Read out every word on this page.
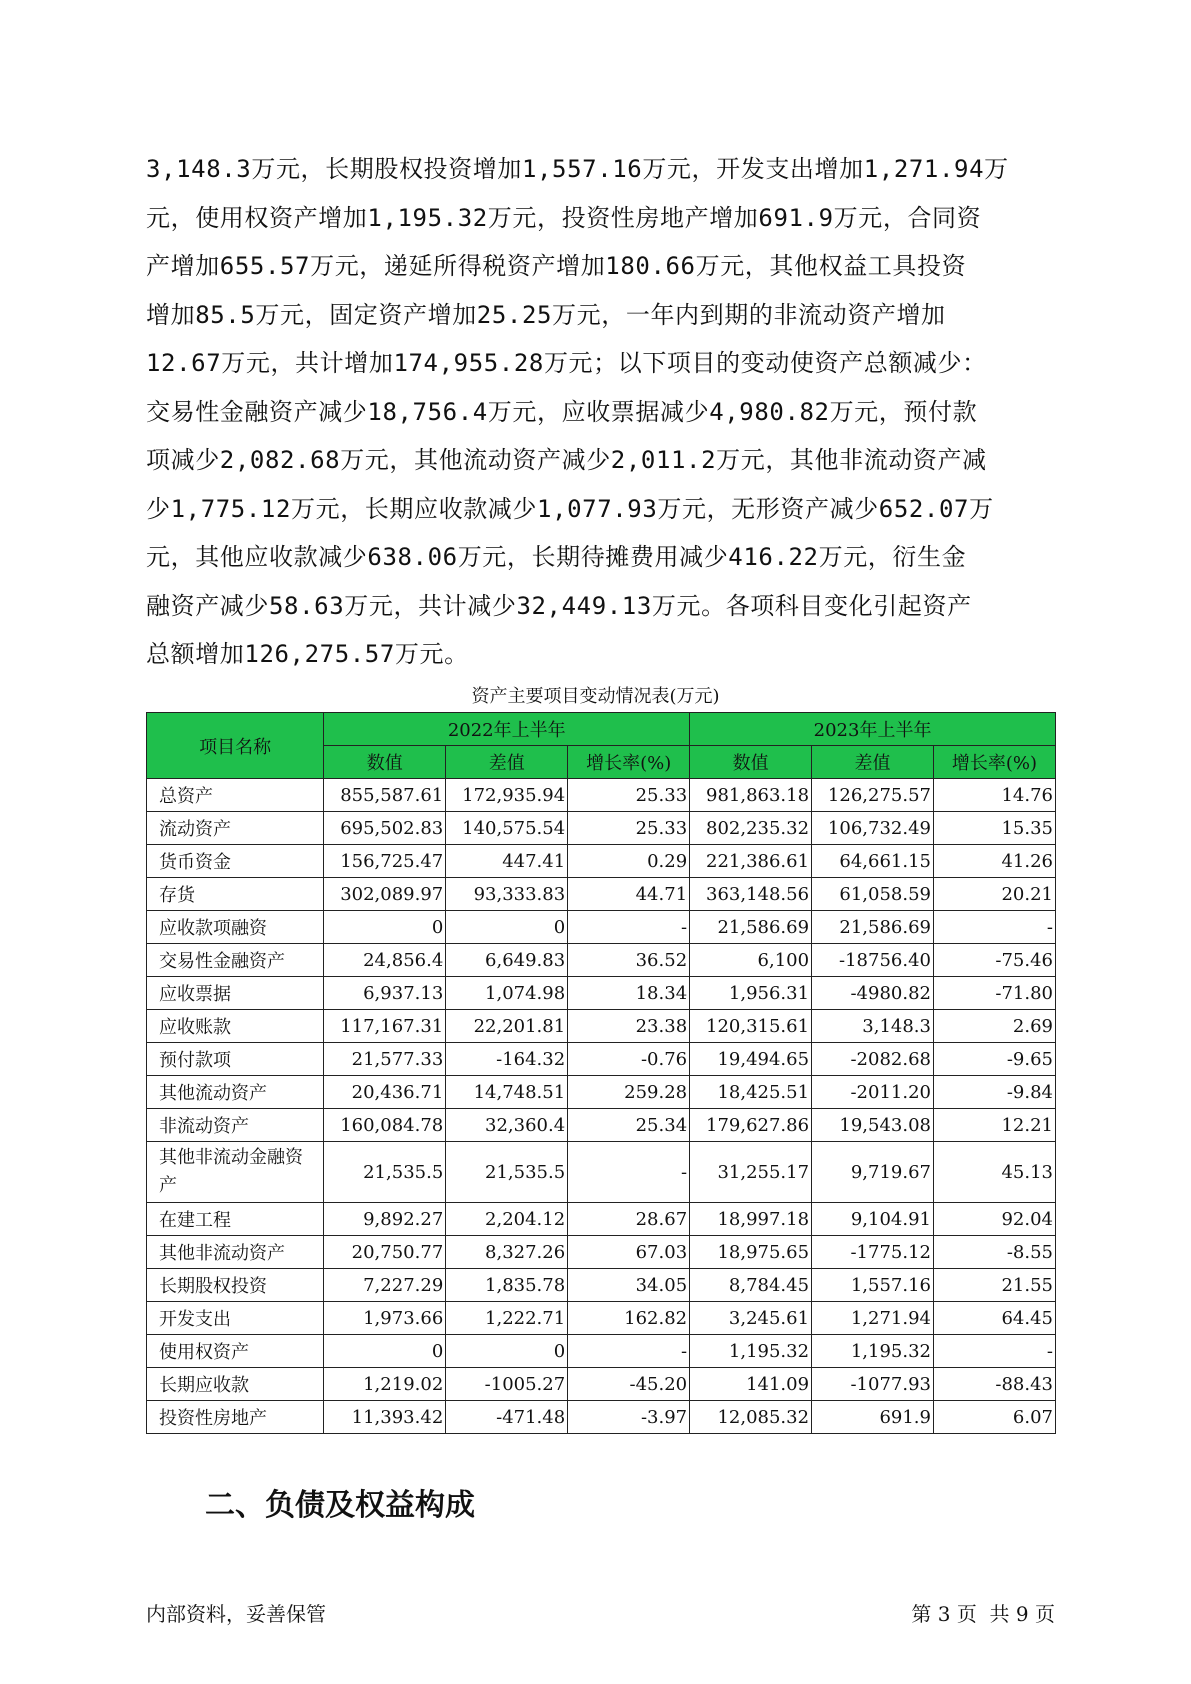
3,148.3万元，长期股权投资增加1,557.16万元，开发支出增加1,271.94万
元，使用权资产增加1,195.32万元，投资性房地产增加691.9万元，合同资
产增加655.57万元，递延所得税资产增加180.66万元，其他权益工具投资
增加85.5万元，固定资产增加25.25万元，一年内到期的非流动资产增加
12.67万元，共计增加174,955.28万元；以下项目的变动使资产总额减少：
交易性金融资产减少18,756.4万元，应收票据减少4,980.82万元，预付款
项减少2,082.68万元，其他流动资产减少2,011.2万元，其他非流动资产减
少1,775.12万元，长期应收款减少1,077.93万元，无形资产减少652.07万
元，其他应收款减少638.06万元，长期待摊费用减少416.22万元，衍生金
融资产减少58.63万元，共计减少32,449.13万元。各项科目变化引起资产
总额增加126,275.57万元。
资产主要项目变动情况表(万元)
项目名称	2022年上半年			2023年上半年		
	数值	差值	增长率(%)	数值	差值	增长率(%)
总资产	855,587.61	172,935.94	25.33	981,863.18	126,275.57	14.76
流动资产	695,502.83	140,575.54	25.33	802,235.32	106,732.49	15.35
货币资金	156,725.47	447.41	0.29	221,386.61	64,661.15	41.26
存货	302,089.97	93,333.83	44.71	363,148.56	61,058.59	20.21
应收款项融资	0	0	-	21,586.69	21,586.69	-
交易性金融资产	24,856.4	6,649.83	36.52	6,100	-18756.40	-75.46
应收票据	6,937.13	1,074.98	18.34	1,956.31	-4980.82	-71.80
应收账款	117,167.31	22,201.81	23.38	120,315.61	3,148.3	2.69
预付款项	21,577.33	-164.32	-0.76	19,494.65	-2082.68	-9.65
其他流动资产	20,436.71	14,748.51	259.28	18,425.51	-2011.20	-9.84
非流动资产	160,084.78	32,360.4	25.34	179,627.86	19,543.08	12.21
其他非流动金融资产	21,535.5	21,535.5	-	31,255.17	9,719.67	45.13
在建工程	9,892.27	2,204.12	28.67	18,997.18	9,104.91	92.04
其他非流动资产	20,750.77	8,327.26	67.03	18,975.65	-1775.12	-8.55
长期股权投资	7,227.29	1,835.78	34.05	8,784.45	1,557.16	21.55
开发支出	1,973.66	1,222.71	162.82	3,245.61	1,271.94	64.45
使用权资产	0	0	-	1,195.32	1,195.32	-
长期应收款	1,219.02	-1005.27	-45.20	141.09	-1077.93	-88.43
投资性房地产	11,393.42	-471.48	-3.97	12,085.32	691.9	6.07
二、负债及权益构成
内部资料，妥善保管	第 3 页  共 9 页
